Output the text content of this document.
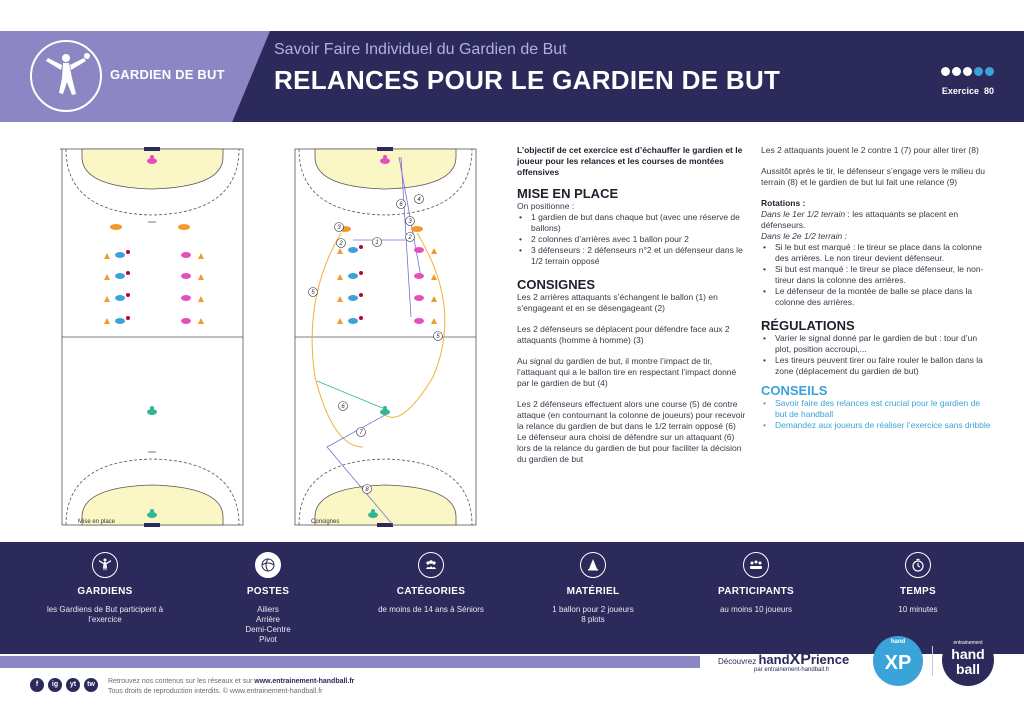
GARDIEN DE BUT
Savoir Faire Individuel du Gardien de But
RELANCES POUR LE GARDIEN DE BUT	Exercice 80
Mise en place
3
2	1
3
2
6
4
5
5
6
7
8
Consignes
L’objectif de cet exercice est d’échauffer le gardien et le joueur pour les relances et les courses de montées offensives
MISE EN PLACE
On positionne :
• 1 gardien de but dans chaque but (avec une réserve de ballons)
• 2 colonnes d’arrières avec 1 ballon pour 2
• 3 défenseurs : 2 défenseurs n°2 et un défenseur dans le 1/2 terrain opposé
CONSIGNES

Les 2 arrières attaquants s’échangent le ballon (1) en s’engageant et en se désengageant (2)

Les 2 défenseurs se déplacent pour défendre face aux 2 attaquants (homme à homme) (3)

Au signal du gardien de but, il montre l’impact de tir, l’attaquant qui a le ballon tire en respectant l’impact donné par le gardien de but (4)

Les 2 défenseurs effectuent alors une course (5) de contre attaque (en contournant la colonne de joueurs) pour recevoir la relance du gardien de but dans le 1/2 terrain opposé (6)

Le défenseur aura choisi de défendre sur un attaquant (6) lors de la relance du gardien de but pour faciliter la décision du gardien de but

Les 2 attaquants jouent le 2 contre 1 (7) pour aller tirer (8)

Aussitôt après le tir, le défenseur s’engage vers le milieu du terrain (8) et le gardien de but lui fait une relance (9)

Rotations :
Dans le 1er 1/2 terrain : les attaquants se placent en défenseurs.
Dans le 2e 1/2 terrain :
• Si le but est marqué : le tireur se place dans la colonne des arrières. Le non tireur devient défenseur.
• Si but est manqué : le tireur se place défenseur, le non-tireur dans la colonne des arrières.
• Le défenseur de la montée de balle se place dans la colonne des arrières.
RÉGULATIONS
• Varier le signal donné par le gardien de but : tour d’un plot, position accroupi,...
• Les tireurs peuvent tirer ou faire rouler le ballon dans la zone (déplacement du gardien de but)
CONSEILS
• Savoir faire des relances est crucial pour le gardien de but de handball
• Demandez aux joueurs de réaliser l’exercice sans dribble
GARDIENS
les Gardiens de But participent à l’exercice
POSTES
Ailiers
Arrière
Demi-Centre
Pivot
CATÉGORIES
de moins de 14 ans à Séniors
MATÉRIEL
1 ballon pour 2 joueurs
8 plots
PARTICIPANTS
au moins 10 joueurs
TEMPS
10 minutes
Découvrez handXPrience
par entrainement-handball.fr
hand
XP
entrainement
hand
ball
f	ig	yt	tw	Retrouvez nos contenus sur les réseaux et sur www.entrainement-handball.fr
Tous droits de reproduction interdits. © www.entrainement-handball.fr
